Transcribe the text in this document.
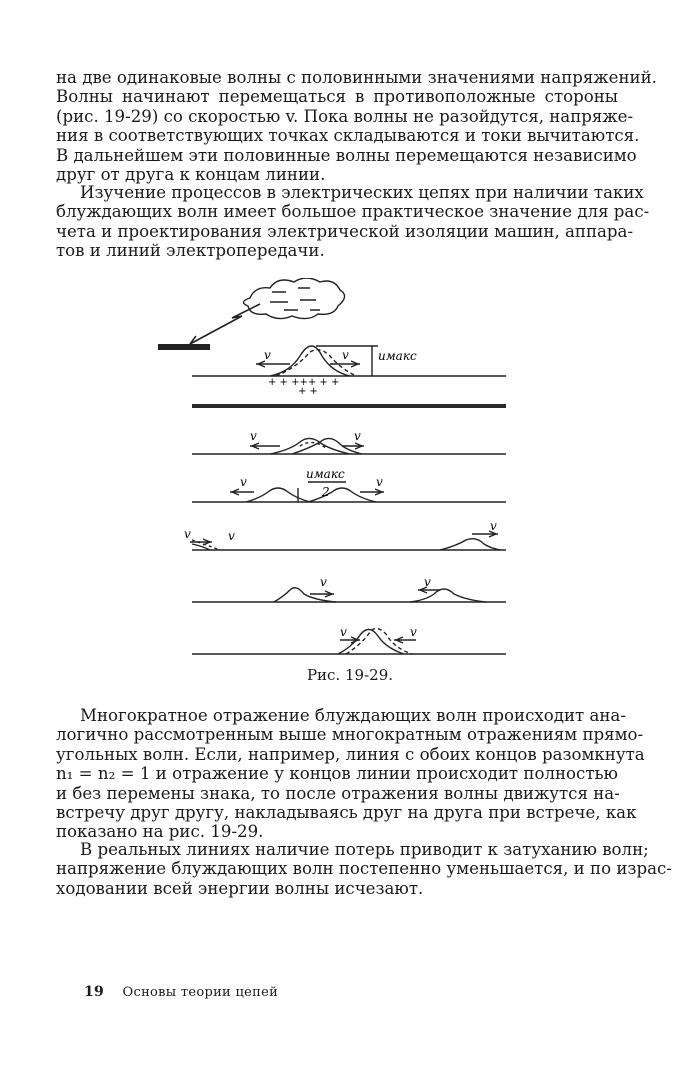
на две одинаковые волны с половинными значениями напряжений.
Волны начинают перемещаться в противоположные стороны
(рис. 19-29) со скоростью v. Пока волны не разойдутся, напряже-
ния в соответствующих точках складываются и токи вычитаются.
В дальнейшем эти половинные волны перемещаются независимо
друг от друга к концам линии.
Изучение процессов в электрических цепях при наличии таких
блуждающих волн имеет большое практическое значение для рас-
чета и проектирования электрической изоляции машин, аппара-
тов и линий электропередачи.
v	v uмакс
+ + +++ + +
+ +
v	v
uмакс
2
v	v
v	v
v
v	v
v	v
Рис. 19-29.
Многократное отражение блуждающих волн происходит ана-
логично рассмотренным выше многократным отражениям прямо-
угольных волн. Если, например, линия с обоих концов разомкнута
n₁ = n₂ = 1 и отражение у концов линии происходит полностью
и без перемены знака, то после отражения волны движутся на-
встречу друг другу, накладываясь друг на друга при встрече, как
показано на рис. 19-29.
В реальных линиях наличие потерь приводит к затуханию волн;
напряжение блуждающих волн постепенно уменьшается, и по израс-
ходовании всей энергии волны исчезают.
19 Основы теории цепей
